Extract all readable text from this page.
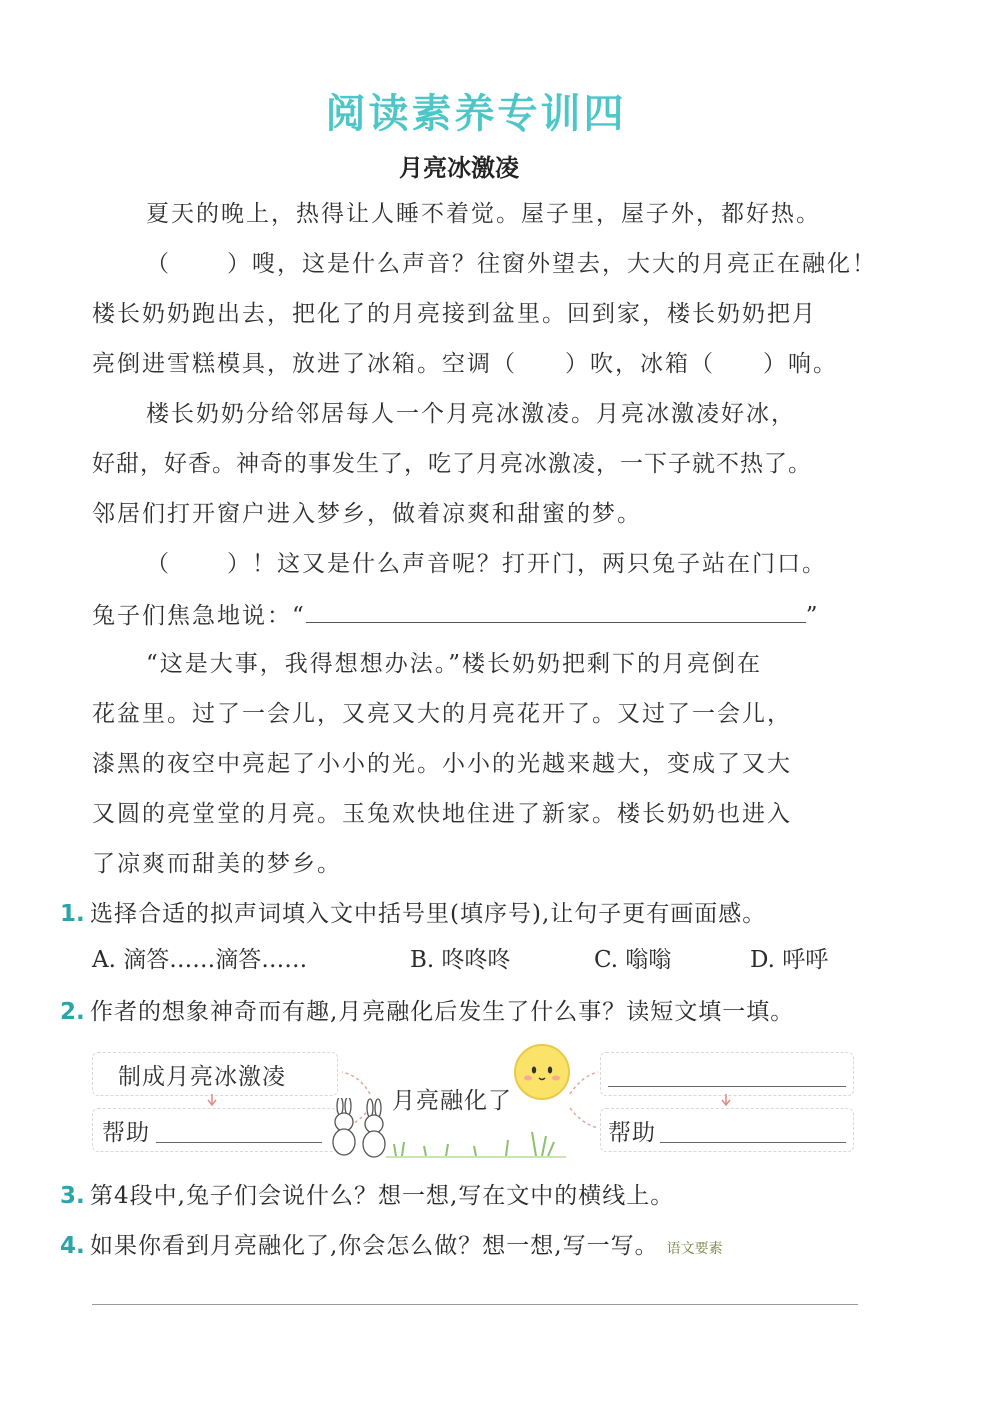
阅读素养专训四
月亮冰激凌
夏天的晚上，热得让人睡不着觉。屋子里，屋子外，都好热。
（ ）嗖，这是什么声音？往窗外望去，大大的月亮正在融化！
楼长奶奶跑出去，把化了的月亮接到盆里。回到家，楼长奶奶把月
亮倒进雪糕模具，放进了冰箱。空调（ ）吹，冰箱（ ）响。
楼长奶奶分给邻居每人一个月亮冰激凌。月亮冰激凌好冰，
好甜，好香。神奇的事发生了，吃了月亮冰激凌，一下子就不热了。
邻居们打开窗户进入梦乡，做着凉爽和甜蜜的梦。
（ ）！这又是什么声音呢？打开门，两只兔子站在门口。
兔子们焦急地说：“	”
“这是大事，我得想想办法。”楼长奶奶把剩下的月亮倒在
花盆里。过了一会儿，又亮又大的月亮花开了。又过了一会儿，
漆黑的夜空中亮起了小小的光。小小的光越来越大，变成了又大
又圆的亮堂堂的月亮。玉兔欢快地住进了新家。楼长奶奶也进入
了凉爽而甜美的梦乡。
1. 选择合适的拟声词填入文中括号里(填序号),让句子更有画面感。
A. 滴答……滴答……	B. 咚咚咚	C. 嗡嗡	D. 呼呼
2. 作者的想象神奇而有趣,月亮融化后发生了什么事？读短文填一填。
制成月亮冰激凌
帮助	帮助
月亮融化了
3. 第4段中,兔子们会说什么？想一想,写在文中的横线上。
4. 如果你看到月亮融化了,你会怎么做？想一想,写一写。 语文要素
